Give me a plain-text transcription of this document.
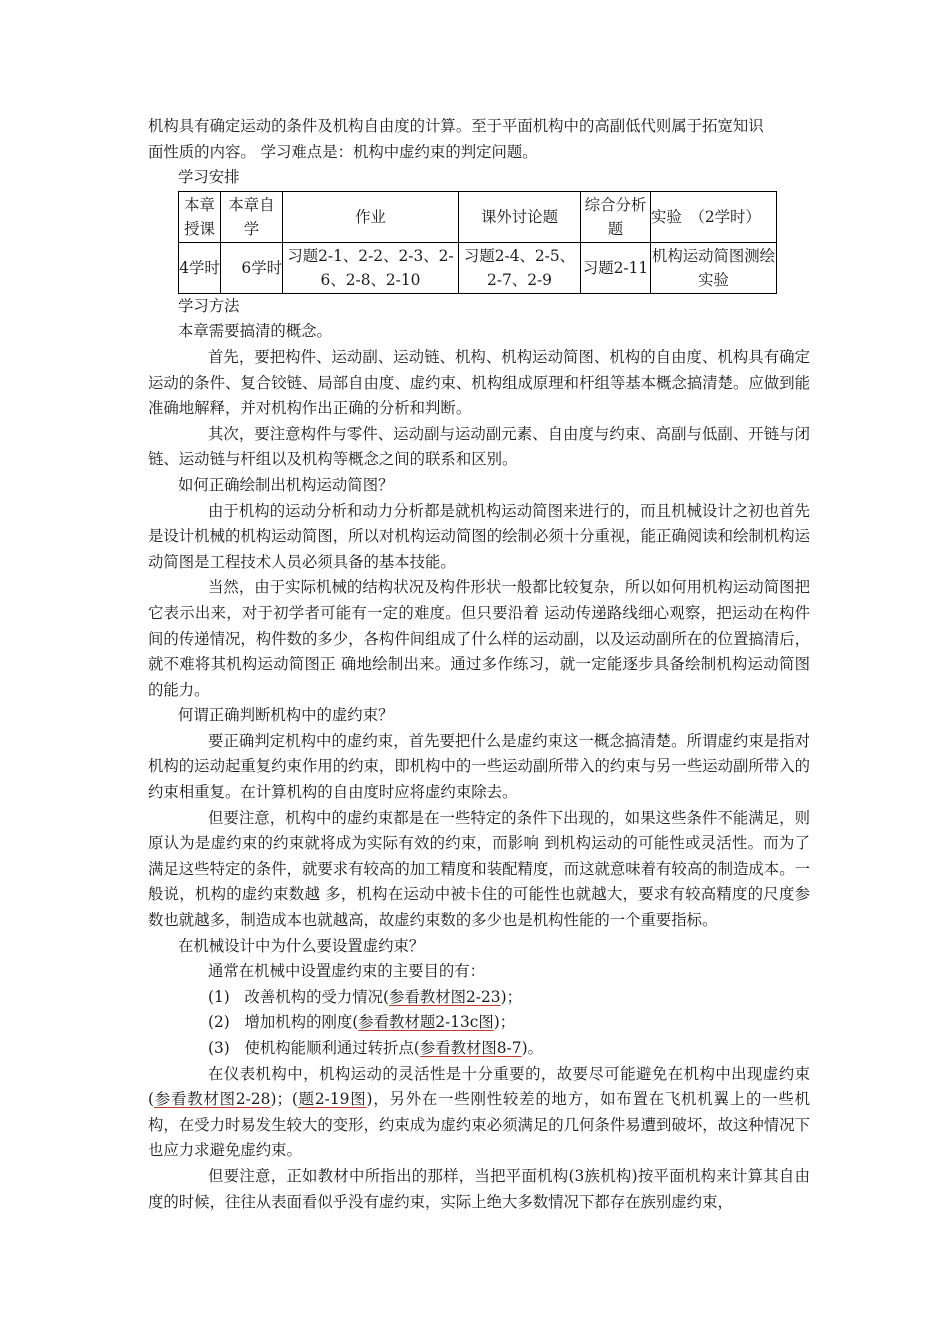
机构具有确定运动的条件及机构自由度的计算。至于平面机构中的高副低代则属于拓宽知识

面性质的内容。 学习难点是：机构中虚约束的判定问题。

学习安排

本章授课	本章自学	作业	课外讨论题	综合分析题	实验　（2学时）
4学时	6学时	习题2-1、2-2、2-3、2-6、2-8、2-10	习题2-4、2-5、2-7、2-9	习题2-11	机构运动简图测绘实验

学习方法

本章需要搞清的概念。

首先，要把构件、运动副、运动链、机构、机构运动简图、机构的自由度、机构具有确定运动的条件、复合铰链、局部自由度、虚约束、机构组成原理和杆组等基本概念搞清楚。应做到能准确地解释，并对机构作出正确的分析和判断。

其次，要注意构件与零件、运动副与运动副元素、自由度与约束、高副与低副、开链与闭链、运动链与杆组以及机构等概念之间的联系和区别。

如何正确绘制出机构运动简图？

由于机构的运动分析和动力分析都是就机构运动简图来进行的，而且机械设计之初也首先是设计机械的机构运动简图，所以对机构运动简图的绘制必须十分重视，能正确阅读和绘制机构运动简图是工程技术人员必须具备的基本技能。

当然，由于实际机械的结构状况及构件形状一般都比较复杂，所以如何用机构运动简图把它表示出来，对于初学者可能有一定的难度。但只要沿着 运动传递路线细心观察，把运动在构件间的传递情况，构件数的多少，各构件间组成了什么样的运动副，以及运动副所在的位置搞清后，就不难将其机构运动简图正 确地绘制出来。通过多作练习，就一定能逐步具备绘制机构运动简图的能力。

何谓正确判断机构中的虚约束？

要正确判定机构中的虚约束，首先要把什么是虚约束这一概念搞清楚。所谓虚约束是指对机构的运动起重复约束作用的约束，即机构中的一些运动副所带入的约束与另一些运动副所带入的约束相重复。在计算机构的自由度时应将虚约束除去。

但要注意，机构中的虚约束都是在一些特定的条件下出现的，如果这些条件不能满足，则原认为是虚约束的约束就将成为实际有效的约束，而影响 到机构运动的可能性或灵活性。而为了满足这些特定的条件，就要求有较高的加工精度和装配精度，而这就意味着有较高的制造成本。一般说，机构的虚约束数越 多，机构在运动中被卡住的可能性也就越大，要求有较高精度的尺度参数也就越多，制造成本也就越高，故虚约束数的多少也是机构性能的一个重要指标。

在机械设计中为什么要设置虚约束？

通常在机械中设置虚约束的主要目的有：

(1) 改善机构的受力情况(参看教材图2-23)；

(2) 增加机构的刚度(参看教材题2-13c图)；

(3) 使机构能顺利通过转折点(参看教材图8-7)。

在仪表机构中，机构运动的灵活性是十分重要的，故要尽可能避免在机构中出现虚约束(参看教材图2-28)；(题2-19图)，另外在一些刚性较差的地方，如布置在飞机机翼上的一些机构，在受力时易发生较大的变形，约束成为虚约束必须满足的几何条件易遭到破坏，故这种情况下也应力求避免虚约束。

但要注意，正如教材中所指出的那样，当把平面机构(3族机构)按平面机构来计算其自由度的时候，往往从表面看似乎没有虚约束，实际上绝大多数情况下都存在族别虚约束，
